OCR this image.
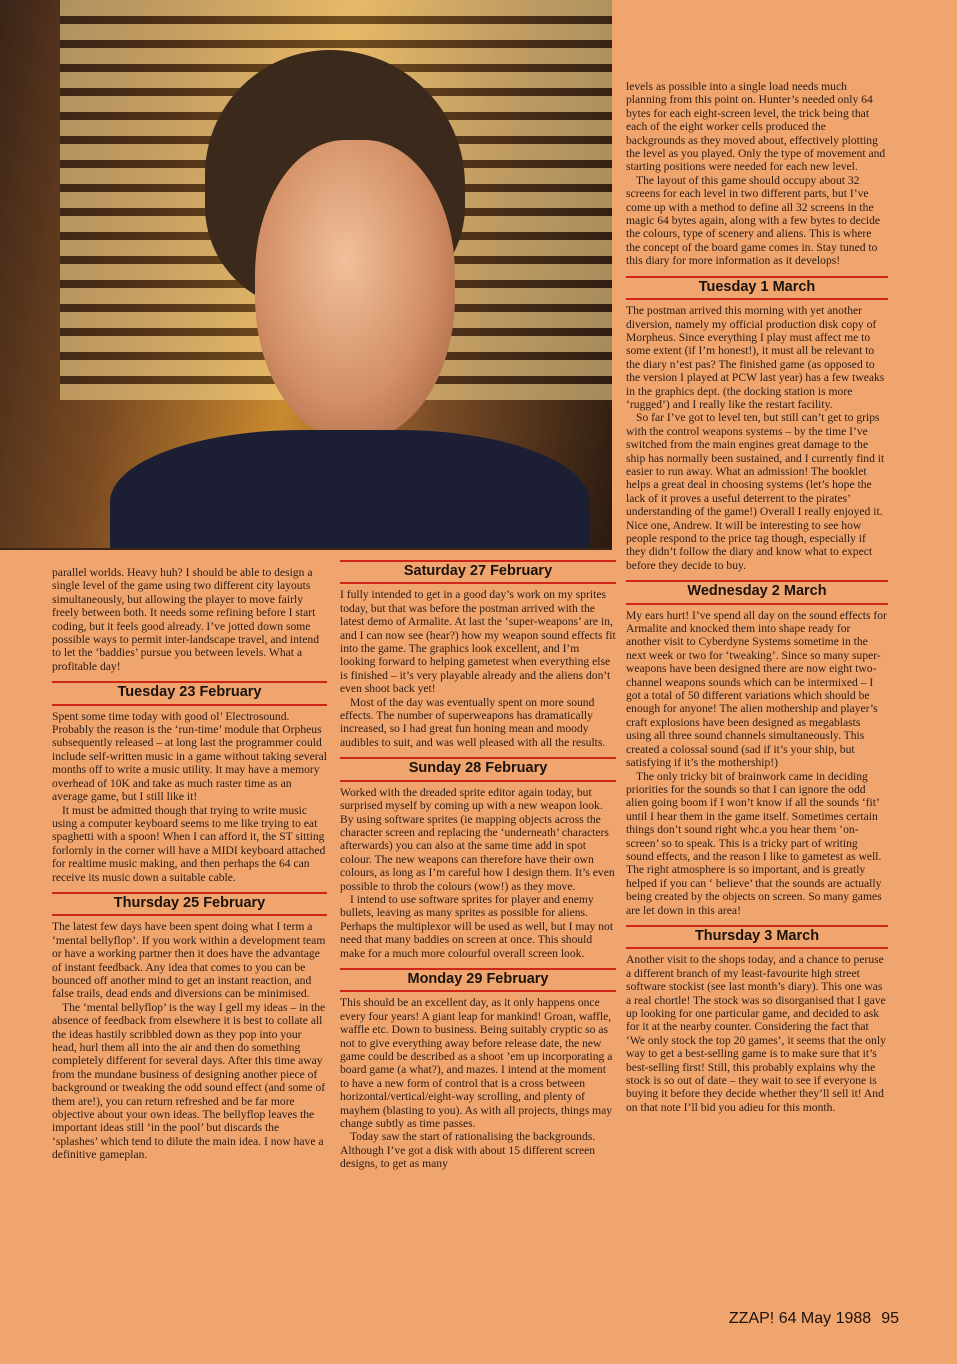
parallel worlds. Heavy huh? I should be able to design a single level of the game using two different city layouts simultaneously, but allowing the player to move fairly freely between both. It needs some refining before I start coding, but it feels good already. I’ve jotted down some possible ways to permit inter-landscape travel, and intend to let the ‘baddies’ pursue you between levels. What a profitable day!

Tuesday 23 February

Spent some time today with good ol’ Electrosound. Probably the reason is the ‘run-time’ module that Orpheus subsequently released – at long last the programmer could include self-written music in a game without taking several months off to write a music utility. It may have a memory overhead of 10K and take as much raster time as an average game, but I still like it!

It must be admitted though that trying to write music using a computer keyboard seems to me like trying to eat spaghetti with a spoon! When I can afford it, the ST sitting forlornly in the corner will have a MIDI keyboard attached for realtime music making, and then perhaps the 64 can receive its music down a suitable cable.

Thursday 25 February

The latest few days have been spent doing what I term a ‘mental bellyflop’. If you work within a development team or have a working partner then it does have the advantage of instant feedback. Any idea that comes to you can be bounced off another mind to get an instant reaction, and false trails, dead ends and diversions can be minimised.

The ‘mental bellyflop’ is the way I gell my ideas – in the absence of feedback from elsewhere it is best to collate all the ideas hastily scribbled down as they pop into your head, hurl them all into the air and then do something completely different for several days. After this time away from the mundane business of designing another piece of background or tweaking the odd sound effect (and some of them are!), you can return refreshed and be far more objective about your own ideas. The bellyflop leaves the important ideas still ‘in the pool’ but discards the ‘splashes’ which tend to dilute the main idea. I now have a definitive gameplan.

Saturday 27 February

I fully intended to get in a good day’s work on my sprites today, but that was before the postman arrived with the latest demo of Armalite. At last the ‘super-weapons’ are in, and I can now see (hear?) how my weapon sound effects fit into the game. The graphics look excellent, and I’m looking forward to helping gametest when everything else is finished – it’s very playable already and the aliens don’t even shoot back yet!

Most of the day was eventually spent on more sound effects. The number of superweapons has dramatically increased, so I had great fun honing mean and moody audibles to suit, and was well pleased with all the results.

Sunday 28 February

Worked with the dreaded sprite editor again today, but surprised myself by coming up with a new weapon look. By using software sprites (ie mapping objects across the character screen and replacing the ‘underneath’ characters afterwards) you can also at the same time add in spot colour. The new weapons can therefore have their own colours, as long as I’m careful how I design them. It’s even possible to throb the colours (wow!) as they move.

I intend to use software sprites for player and enemy bullets, leaving as many sprites as possible for aliens. Perhaps the multiplexor will be used as well, but I may not need that many baddies on screen at once. This should make for a much more colourful overall screen look.

Monday 29 February

This should be an excellent day, as it only happens once every four years! A giant leap for mankind! Groan, waffle, waffle etc. Down to business. Being suitably cryptic so as not to give everything away before release date, the new game could be described as a shoot ’em up incorporating a board game (a what?), and mazes. I intend at the moment to have a new form of control that is a cross between horizontal/vertical/eight-way scrolling, and plenty of mayhem (blasting to you). As with all projects, things may change subtly as time passes.

Today saw the start of rationalising the backgrounds. Although I’ve got a disk with about 15 different screen designs, to get as many

levels as possible into a single load needs much planning from this point on. Hunter’s needed only 64 bytes for each eight-screen level, the trick being that each of the eight worker cells produced the backgrounds as they moved about, effectively plotting the level as you played. Only the type of movement and starting positions were needed for each new level.

The layout of this game should occupy about 32 screens for each level in two different parts, but I’ve come up with a method to define all 32 screens in the magic 64 bytes again, along with a few bytes to decide the colours, type of scenery and aliens. This is where the concept of the board game comes in. Stay tuned to this diary for more information as it develops!

Tuesday 1 March

The postman arrived this morning with yet another diversion, namely my official production disk copy of Morpheus. Since everything I play must affect me to some extent (if I’m honest!), it must all be relevant to the diary n’est pas? The finished game (as opposed to the version I played at PCW last year) has a few tweaks in the graphics dept. (the docking station is more ‘rugged’) and I really like the restart facility.

So far I’ve got to level ten, but still can’t get to grips with the control weapons systems – by the time I’ve switched from the main engines great damage to the ship has normally been sustained, and I currently find it easier to run away. What an admission! The booklet helps a great deal in choosing systems (let’s hope the lack of it proves a useful deterrent to the pirates’ understanding of the game!) Overall I really enjoyed it. Nice one, Andrew. It will be interesting to see how people respond to the price tag though, especially if they didn’t follow the diary and know what to expect before they decide to buy.

Wednesday 2 March

My ears hurt! I’ve spend all day on the sound effects for Armalite and knocked them into shape ready for another visit to Cyberdyne Systems sometime in the next week or two for ‘tweaking’. Since so many super-weapons have been designed there are now eight two-channel weapons sounds which can be intermixed – I got a total of 50 different variations which should be enough for anyone! The alien mothership and player’s craft explosions have been designed as megablasts using all three sound channels simultaneously. This created a colossal sound (sad if it’s your ship, but satisfying if it’s the mothership!)

The only tricky bit of brainwork came in deciding priorities for the sounds so that I can ignore the odd alien going boom if I won’t know if all the sounds ‘fit’ until I hear them in the game itself. Sometimes certain things don’t sound right whc.a you hear them ‘on-screen’ so to speak. This is a tricky part of writing sound effects, and the reason I like to gametest as well. The right atmosphere is so important, and is greatly helped if you can ‘ believe’ that the sounds are actually being created by the objects on screen. So many games are let down in this area!

Thursday 3 March

Another visit to the shops today, and a chance to peruse a different branch of my least-favourite high street software stockist (see last month’s diary). This one was a real chortle! The stock was so disorganised that I gave up looking for one particular game, and decided to ask for it at the nearby counter. Considering the fact that ‘We only stock the top 20 games’, it seems that the only way to get a best-selling game is to make sure that it’s best-selling first! Still, this probably explains why the stock is so out of date – they wait to see if everyone is buying it before they decide whether they’ll sell it! And on that note I’ll bid you adieu for this month.

ZZAP! 64 May 1988 95
